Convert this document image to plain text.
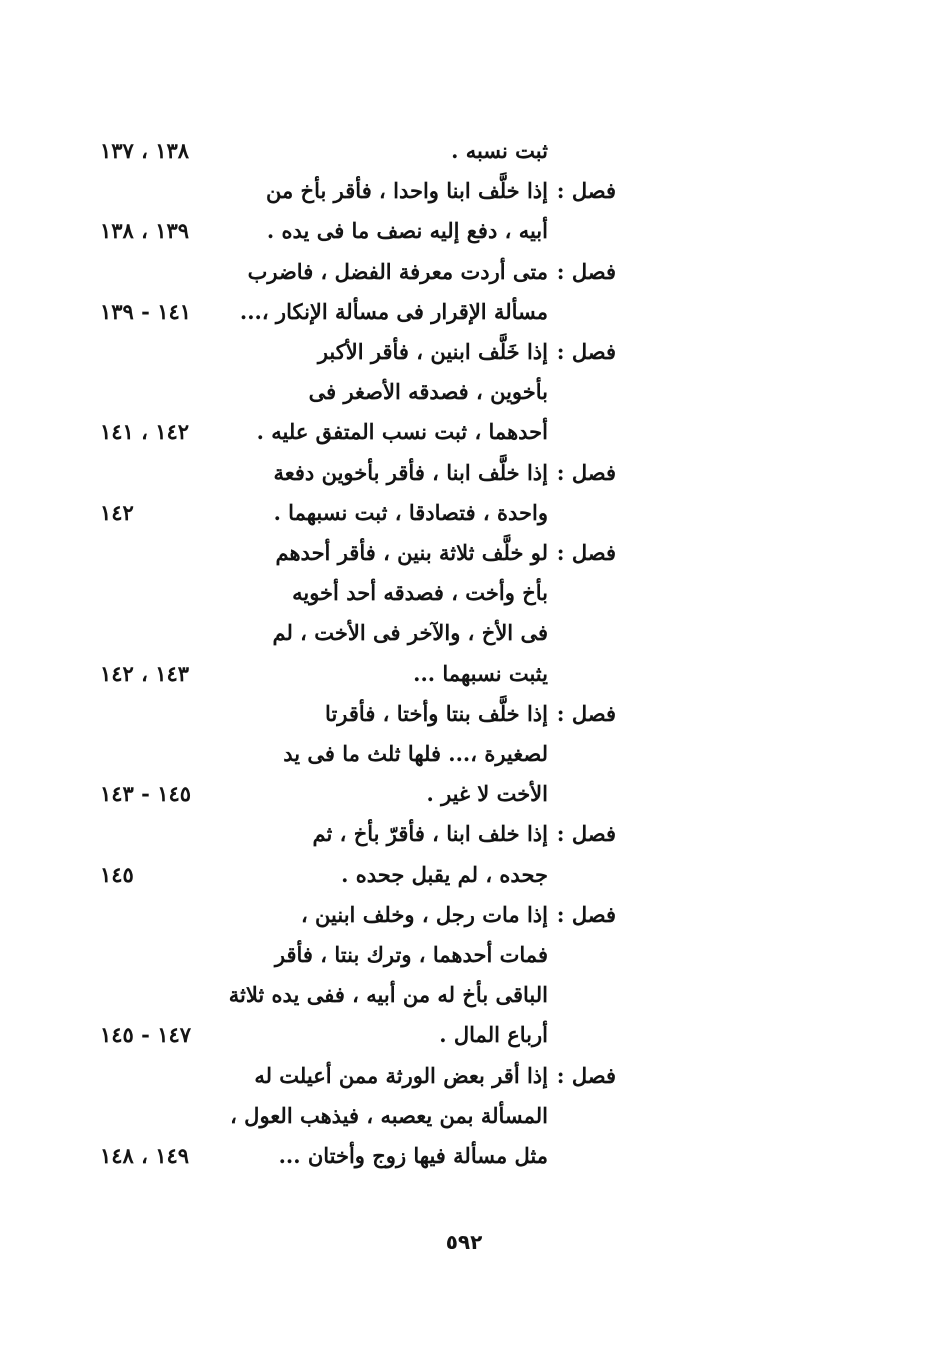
ثبت نسبه .
١٣٨ ، ١٣٧
فصل :
إذا خلَّف ابنا واحدا ، فأقر بأخ من
أبيه ، دفع إليه نصف ما فى يده .
١٣٩ ، ١٣٨
فصل :
متى أردت معرفة الفضل ، فاضرب
مسألة الإقرار فى مسألة الإنكار ،...
١٤١ - ١٣٩
فصل :
إذا خَلَّف ابنين ، فأقر الأكبر
بأخوين ، فصدقه الأصغر فى
أحدهما ، ثبت نسب المتفق عليه .
١٤٢ ، ١٤١
فصل :
إذا خلَّف ابنا ، فأقر بأخوين دفعة
واحدة ، فتصادقا ، ثبت نسبهما .
١٤٢
فصل :
لو خلَّف ثلاثة بنين ، فأقر أحدهم
بأخ وأخت ، فصدقه أحد أخويه
فى الأخ ، والآخر فى الأخت ، لم
يثبت نسبهما ...
١٤٣ ، ١٤٢
فصل :
إذا خلَّف بنتا وأختا ، فأقرتا
لصغيرة ،... فلها ثلث ما فى يد
الأخت لا غير .
١٤٥ - ١٤٣
فصل :
إذا خلف ابنا ، فأقرّ بأخ ، ثم
جحده ، لم يقبل جحده .
١٤٥
فصل :
إذا مات رجل ، وخلف ابنين ،
فمات أحدهما ، وترك بنتا ، فأقر
الباقى بأخ له من أبيه ، ففى يده ثلاثة
أرباع المال .
١٤٧ - ١٤٥
فصل :
إذا أقر بعض الورثة ممن أعيلت له
المسألة بمن يعصبه ، فيذهب العول ،
مثل مسألة فيها زوج وأختان ...
١٤٩ ، ١٤٨
٥٩٢
